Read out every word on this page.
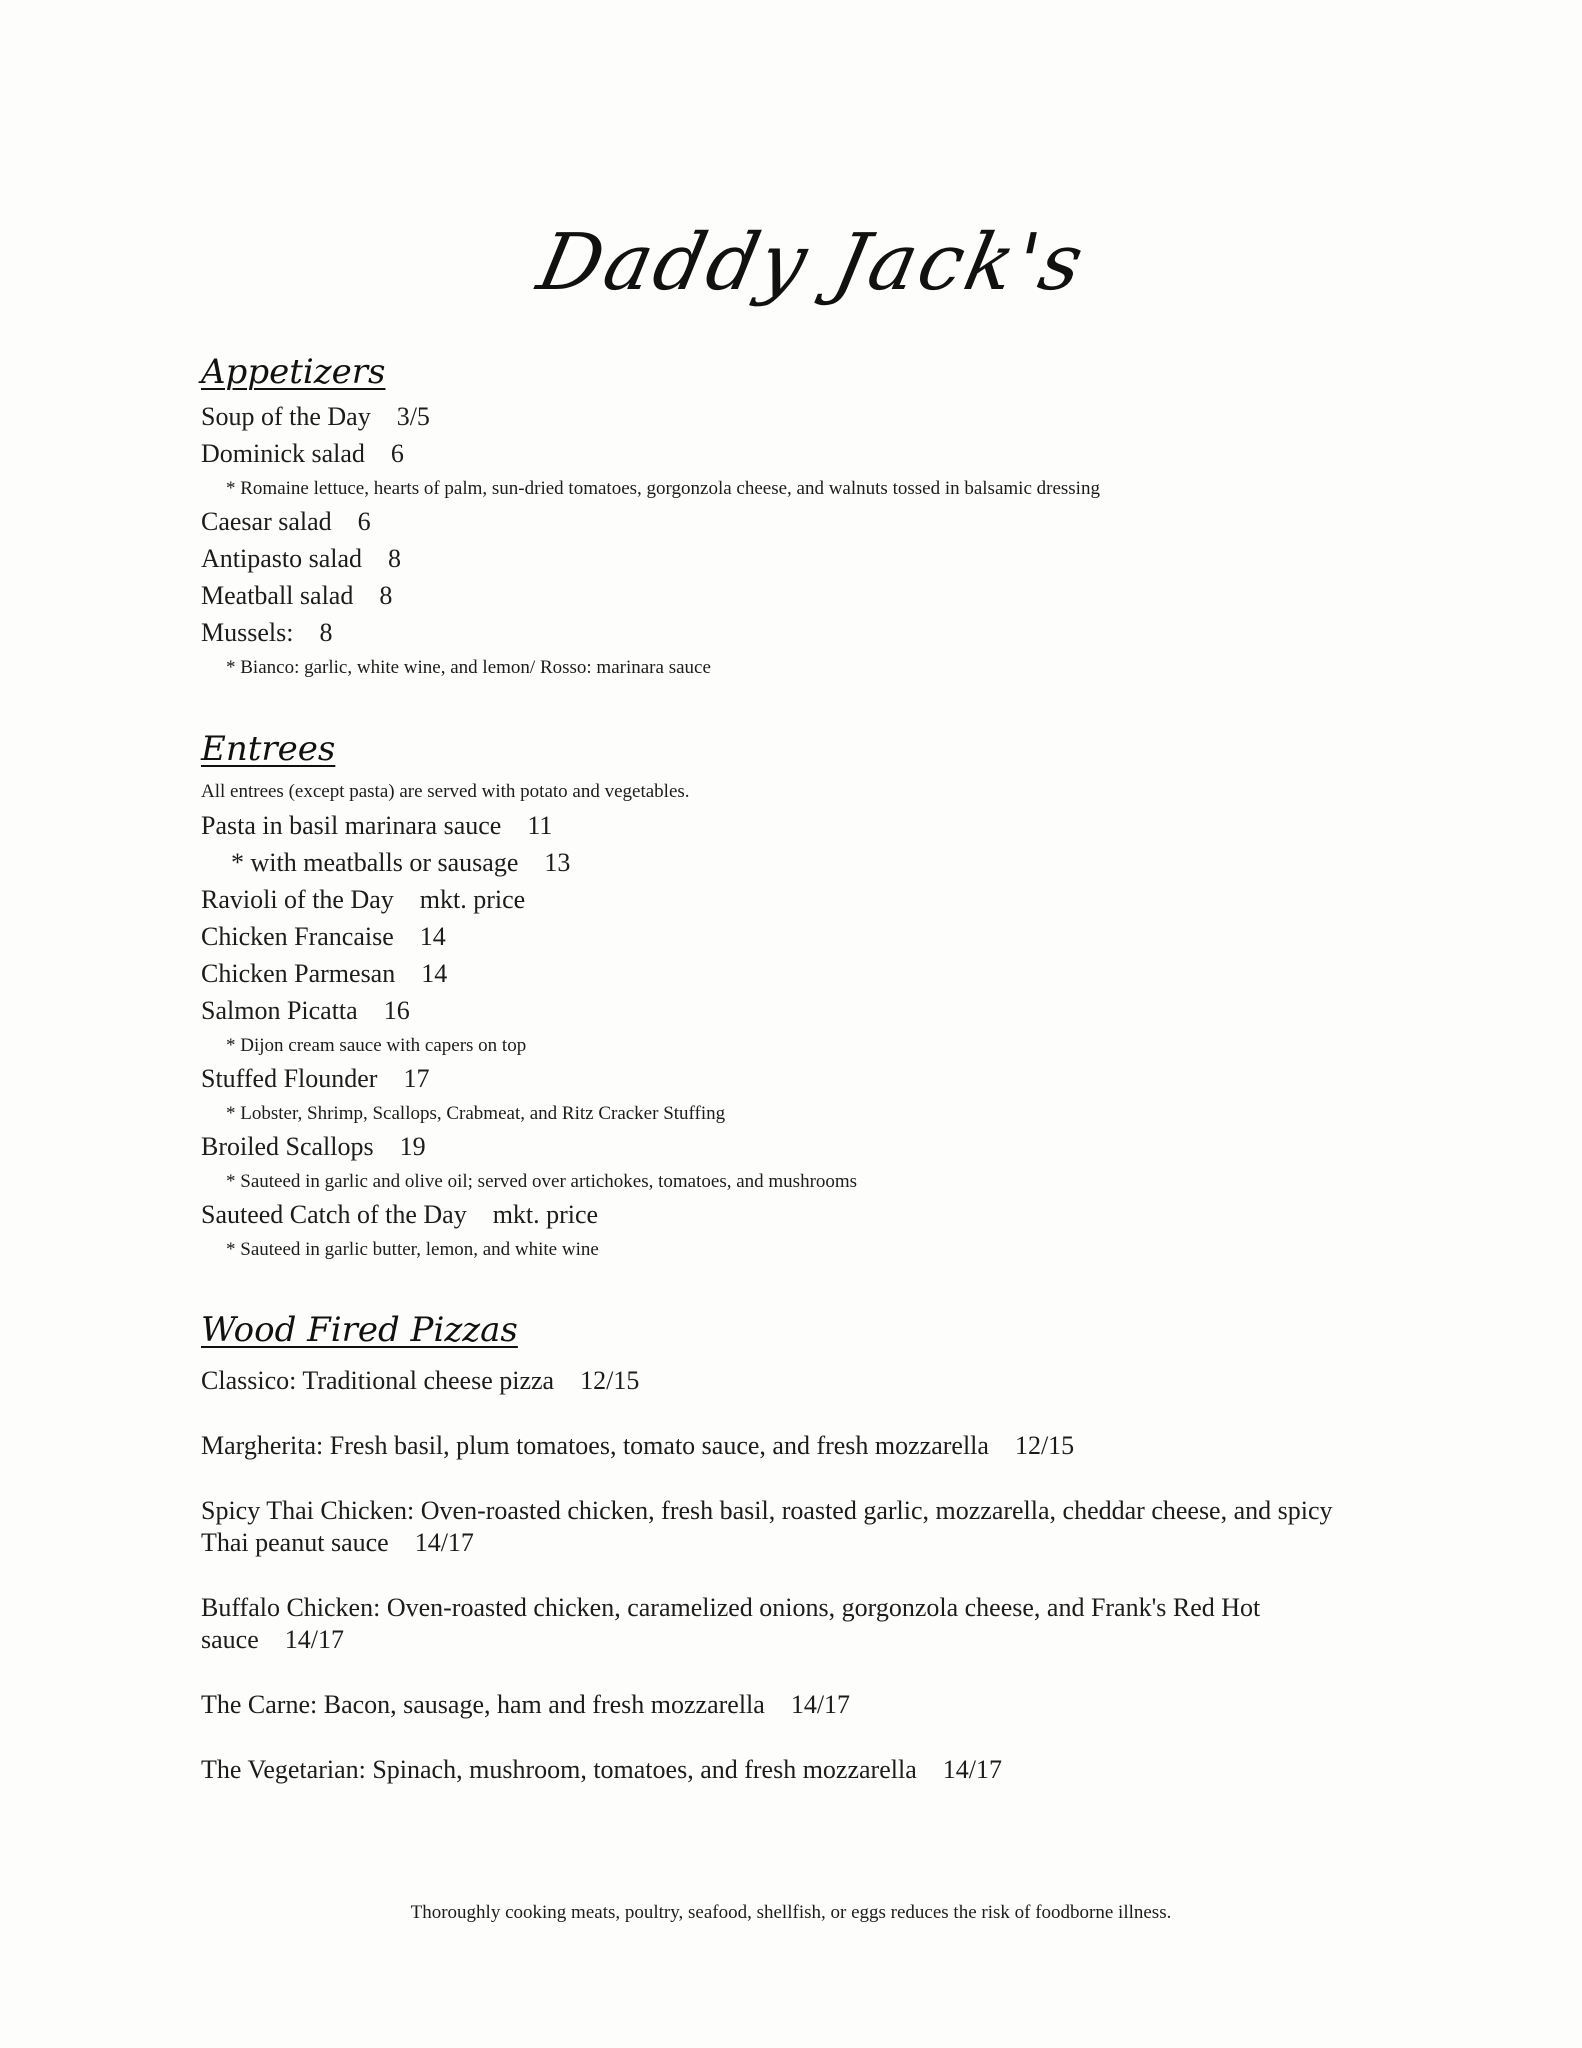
Daddy Jack's
Appetizers
Soup of the Day 3/5
Dominick salad 6
* Romaine lettuce, hearts of palm, sun-dried tomatoes, gorgonzola cheese, and walnuts tossed in balsamic dressing
Caesar salad 6
Antipasto salad 8
Meatball salad 8
Mussels: 8
* Bianco: garlic, white wine, and lemon/ Rosso: marinara sauce
Entrees
All entrees (except pasta) are served with potato and vegetables.
Pasta in basil marinara sauce 11
* with meatballs or sausage 13
Ravioli of the Day mkt. price
Chicken Francaise 14
Chicken Parmesan 14
Salmon Picatta 16
* Dijon cream sauce with capers on top
Stuffed Flounder 17
* Lobster, Shrimp, Scallops, Crabmeat, and Ritz Cracker Stuffing
Broiled Scallops 19
* Sauteed in garlic and olive oil; served over artichokes, tomatoes, and mushrooms
Sauteed Catch of the Day mkt. price
* Sauteed in garlic butter, lemon, and white wine
Wood Fired Pizzas
Classico: Traditional cheese pizza 12/15
Margherita: Fresh basil, plum tomatoes, tomato sauce, and fresh mozzarella 12/15
Spicy Thai Chicken: Oven-roasted chicken, fresh basil, roasted garlic, mozzarella, cheddar cheese, and spicy Thai peanut sauce 14/17
Buffalo Chicken: Oven-roasted chicken, caramelized onions, gorgonzola cheese, and Frank's Red Hot sauce 14/17
The Carne: Bacon, sausage, ham and fresh mozzarella 14/17
The Vegetarian: Spinach, mushroom, tomatoes, and fresh mozzarella 14/17
Thoroughly cooking meats, poultry, seafood, shellfish, or eggs reduces the risk of foodborne illness.
